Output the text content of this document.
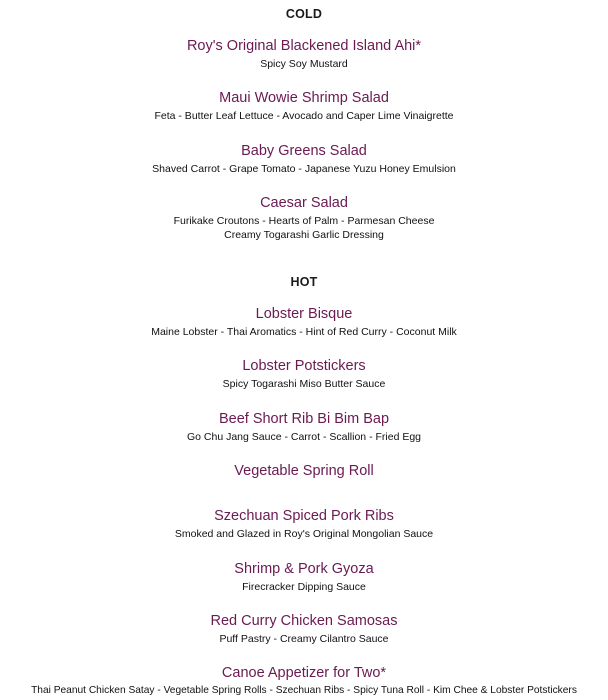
COLD
Roy's Original Blackened Island Ahi*
Spicy Soy Mustard
Maui Wowie Shrimp Salad
Feta - Butter Leaf Lettuce - Avocado and Caper Lime Vinaigrette
Baby Greens Salad
Shaved Carrot - Grape Tomato - Japanese Yuzu Honey Emulsion
Caesar Salad
Furikake Croutons - Hearts of Palm - Parmesan Cheese
Creamy Togarashi Garlic Dressing
HOT
Lobster Bisque
Maine Lobster - Thai Aromatics - Hint of Red Curry - Coconut Milk
Lobster Potstickers
Spicy Togarashi Miso Butter Sauce
Beef Short Rib Bi Bim Bap
Go Chu Jang Sauce - Carrot - Scallion - Fried Egg
Vegetable Spring Roll
Szechuan Spiced Pork Ribs
Smoked and Glazed in Roy's Original Mongolian Sauce
Shrimp & Pork Gyoza
Firecracker Dipping Sauce
Red Curry Chicken Samosas
Puff Pastry - Creamy Cilantro Sauce
Canoe Appetizer for Two*
Thai Peanut Chicken Satay - Vegetable Spring Rolls - Szechuan Ribs - Spicy Tuna Roll - Kim Chee & Lobster Potstickers
